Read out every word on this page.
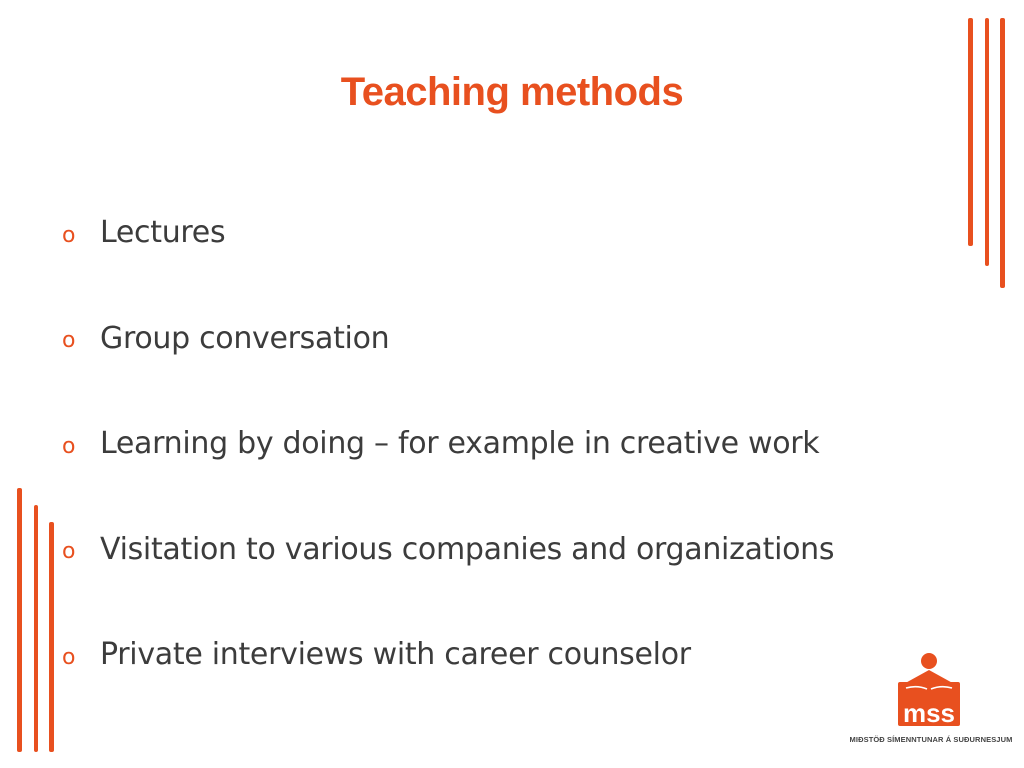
Teaching methods
o Lectures
o Group conversation
o Learning by doing – for example in creative work
o Visitation to various companies and organizations
o Private interviews with career counselor
mss
MIÐSTÖÐ SÍMENNTUNAR Á SUÐURNESJUM
